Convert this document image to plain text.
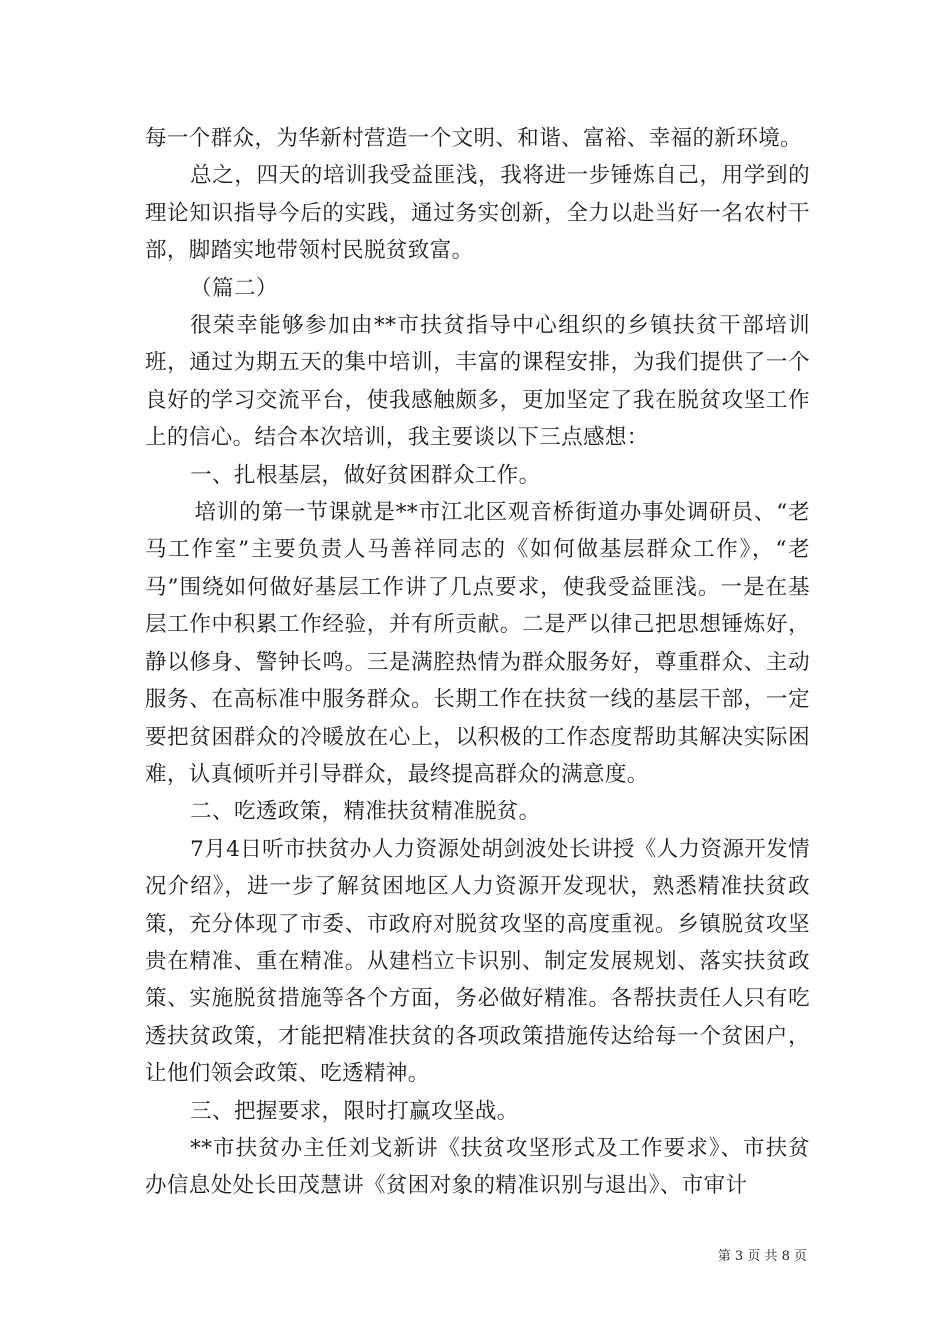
每一个群众，为华新村营造一个文明、和谐、富裕、幸福的新环境。

总之，四天的培训我受益匪浅，我将进一步锤炼自己，用学到的理论知识指导今后的实践，通过务实创新，全力以赴当好一名农村干部，脚踏实地带领村民脱贫致富。

（篇二）

很荣幸能够参加由**市扶贫指导中心组织的乡镇扶贫干部培训班，通过为期五天的集中培训，丰富的课程安排，为我们提供了一个良好的学习交流平台，使我感触颇多，更加坚定了我在脱贫攻坚工作上的信心。结合本次培训，我主要谈以下三点感想：

一、扎根基层，做好贫困群众工作。

培训的第一节课就是**市江北区观音桥街道办事处调研员、“老马工作室”主要负责人马善祥同志的《如何做基层群众工作》，“老马”围绕如何做好基层工作讲了几点要求，使我受益匪浅。一是在基层工作中积累工作经验，并有所贡献。二是严以律己把思想锤炼好，静以修身、警钟长鸣。三是满腔热情为群众服务好，尊重群众、主动服务、在高标准中服务群众。长期工作在扶贫一线的基层干部，一定要把贫困群众的冷暖放在心上，以积极的工作态度帮助其解决实际困难，认真倾听并引导群众，最终提高群众的满意度。

二、吃透政策，精准扶贫精准脱贫。

7月4日听市扶贫办人力资源处胡剑波处长讲授《人力资源开发情况介绍》，进一步了解贫困地区人力资源开发现状，熟悉精准扶贫政策，充分体现了市委、市政府对脱贫攻坚的高度重视。乡镇脱贫攻坚贵在精准、重在精准。从建档立卡识别、制定发展规划、落实扶贫政策、实施脱贫措施等各个方面，务必做好精准。各帮扶责任人只有吃透扶贫政策，才能把精准扶贫的各项政策措施传达给每一个贫困户，让他们领会政策、吃透精神。

三、把握要求，限时打赢攻坚战。

**市扶贫办主任刘戈新讲《扶贫攻坚形式及工作要求》、市扶贫办信息处处长田茂慧讲《贫困对象的精准识别与退出》、市审计

第 3 页 共 8 页
